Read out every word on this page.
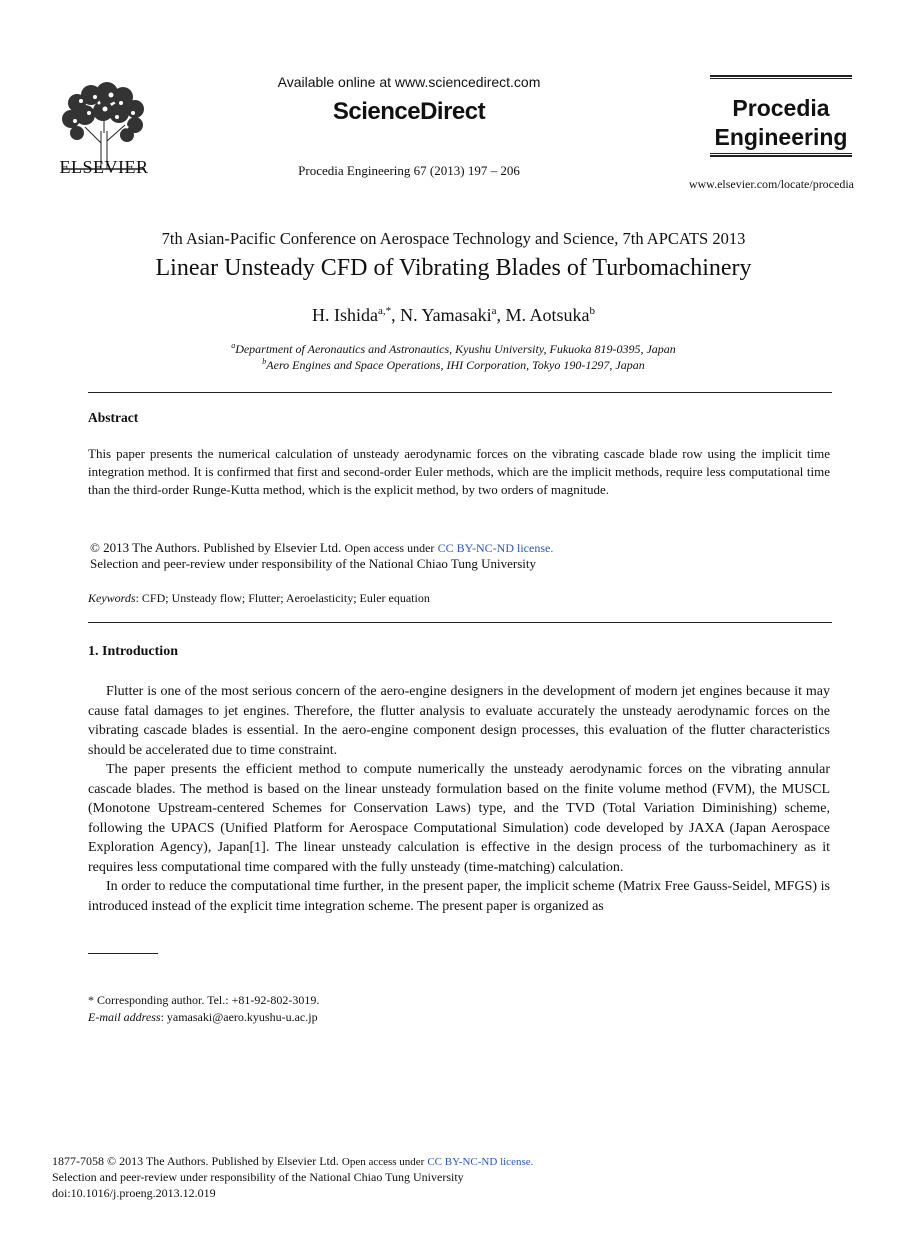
ELSEVIER
Available online at www.sciencedirect.com
ScienceDirect
Procedia Engineering 67 (2013) 197 – 206
Procedia
Engineering
www.elsevier.com/locate/procedia
7th Asian-Pacific Conference on Aerospace Technology and Science, 7th APCATS 2013
Linear Unsteady CFD of Vibrating Blades of Turbomachinery
H. Ishida$^{a,*}$, N. Yamasaki$^a$, M. Aotsuka$^b$
$^a$Department of Aeronautics and Astronautics, Kyushu University, Fukuoka 819-0395, Japan
$^b$Aero Engines and Space Operations, IHI Corporation, Tokyo 190-1297, Japan
Abstract
This paper presents the numerical calculation of unsteady aerodynamic forces on the vibrating cascade blade row using the implicit time integration method. It is confirmed that first and second-order Euler methods, which are the implicit methods, require less computational time than the third-order Runge-Kutta method, which is the explicit method, by two orders of magnitude.
© 2013 The Authors. Published by Elsevier Ltd. Open access under CC BY-NC-ND license.
Selection and peer-review under responsibility of the National Chiao Tung University
Keywords: CFD; Unsteady flow; Flutter; Aeroelasticity; Euler equation
1. Introduction

Flutter is one of the most serious concern of the aero-engine designers in the development of modern jet engines because it may cause fatal damages to jet engines. Therefore, the flutter analysis to evaluate accurately the unsteady aerodynamic forces on the vibrating cascade blades is essential. In the aero-engine component design processes, this evaluation of the flutter characteristics should be accelerated due to time constraint.

The paper presents the efficient method to compute numerically the unsteady aerodynamic forces on the vibrating annular cascade blades. The method is based on the linear unsteady formulation based on the finite volume method (FVM), the MUSCL (Monotone Upstream-centered Schemes for Conservation Laws) type, and the TVD (Total Variation Diminishing) scheme, following the UPACS (Unified Platform for Aerospace Computational Simulation) code developed by JAXA (Japan Aerospace Exploration Agency), Japan[1]. The linear unsteady calculation is effective in the design process of the turbomachinery as it requires less computational time compared with the fully unsteady (time-matching) calculation.

In order to reduce the computational time further, in the present paper, the implicit scheme (Matrix Free Gauss-Seidel, MFGS) is introduced instead of the explicit time integration scheme. The present paper is organized as

* Corresponding author. Tel.: +81-92-802-3019.
E-mail address: yamasaki@aero.kyushu-u.ac.jp
1877-7058 © 2013 The Authors. Published by Elsevier Ltd. Open access under CC BY-NC-ND license.
Selection and peer-review under responsibility of the National Chiao Tung University
doi:10.1016/j.proeng.2013.12.019
